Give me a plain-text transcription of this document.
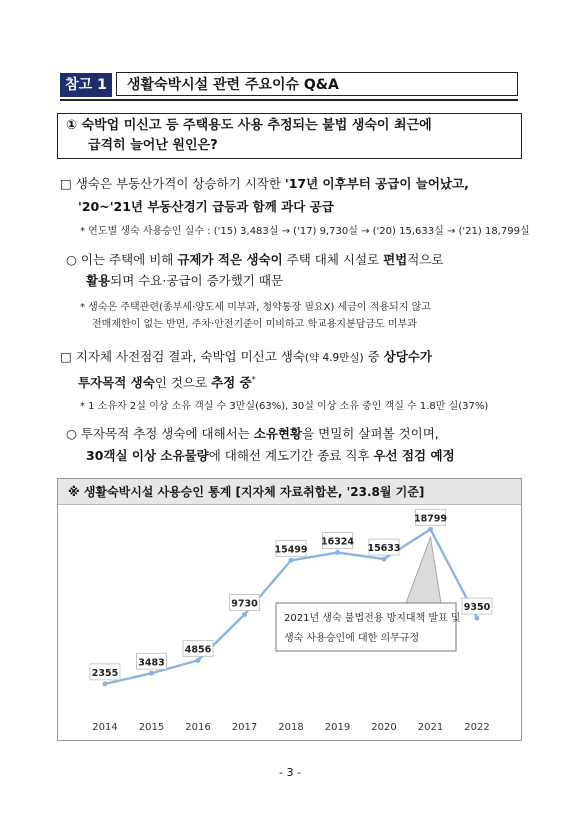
참고 1	생활숙박시설 관련 주요이슈 Q&A
① 숙박업 미신고 등 주택용도 사용 추정되는 불법 생숙이 최근에
급격히 늘어난 원인은?
□ 생숙은 부동산가격이 상승하기 시작한 '17년 이후부터 공급이 늘어났고,
'20~'21년 부동산경기 급등과 함께 과다 공급
* 연도별 생숙 사용승인 실수 : ('15) 3,483실 → ('17) 9,730실 → ('20) 15,633실 → ('21) 18,799실
○ 이는 주택에 비해 규제가 적은 생숙이 주택 대체 시설로 편법적으로
활용되며 수요·공급이 증가했기 때문
* 생숙은 주택관련(종부세·양도세 미부과, 청약통장 필요X) 세금이 적용되지 않고
전매제한이 없는 반면, 주차·안전기준이 미비하고 학교용지분담금도 미부과
□ 지자체 사전점검 결과, 숙박업 미신고 생숙(약 4.9만실) 중 상당수가
투자목적 생숙인 것으로 추정 중*
* 1 소유자 2실 이상 소유 객실 수 3만실(63%), 30실 이상 소유 중인 객실 수 1.8만 실(37%)
○ 투자목적 추정 생숙에 대해서는 소유현황을 면밀히 살펴볼 것이며,
30객실 이상 소유물량에 대해선 계도기간 종료 직후 우선 점검 예정
※ 생활숙박시설 사용승인 통계 [지자체 자료취합본, '23.8월 기준]
2021년 생숙 불법전용 방지대책 발표 및
생숙 사용승인에 대한 의무규정
2355
3483
4856
9730
15499
16324
15633
18799
9350
2014 2015 2016 2017 2018 2019 2020 2021 2022
- 3 -
